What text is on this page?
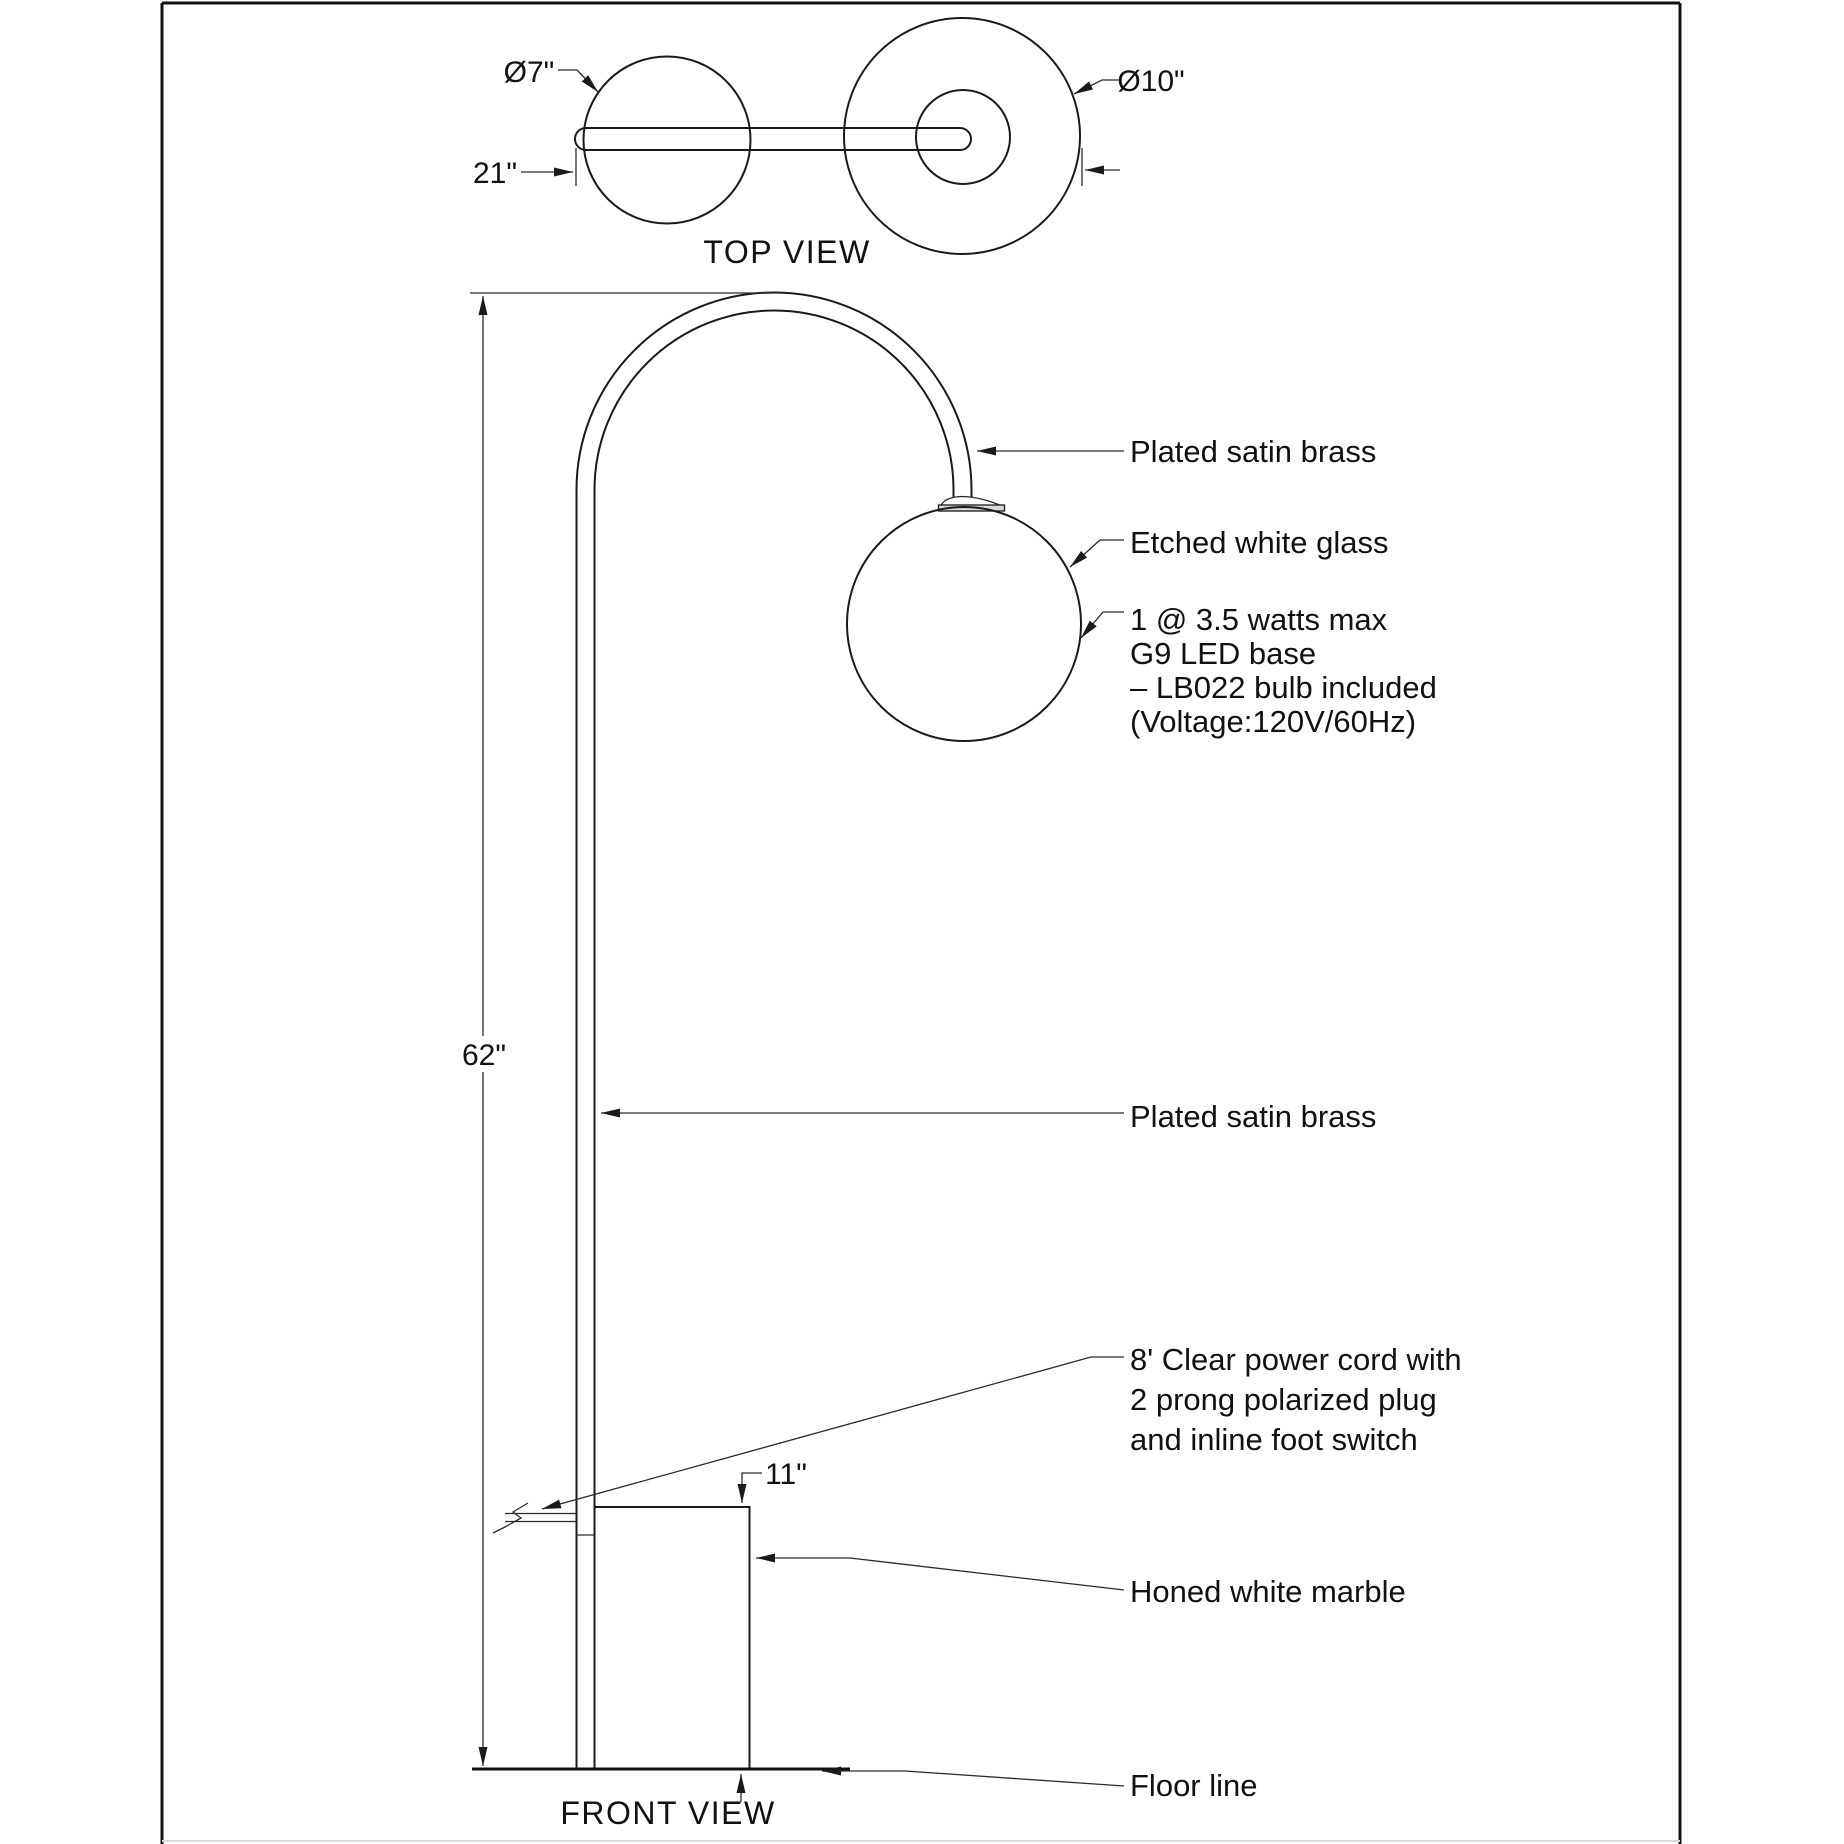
Ø7"	Ø10"
21"
TOP VIEW
62"
11"
Plated satin brass
Etched white glass
1 @ 3.5 watts max
G9 LED base
– LB022 bulb included
(Voltage:120V/60Hz)
Plated satin brass
8' Clear power cord with
2 prong polarized plug
and inline foot switch
Honed white marble
Floor line
FRONT VIEW
